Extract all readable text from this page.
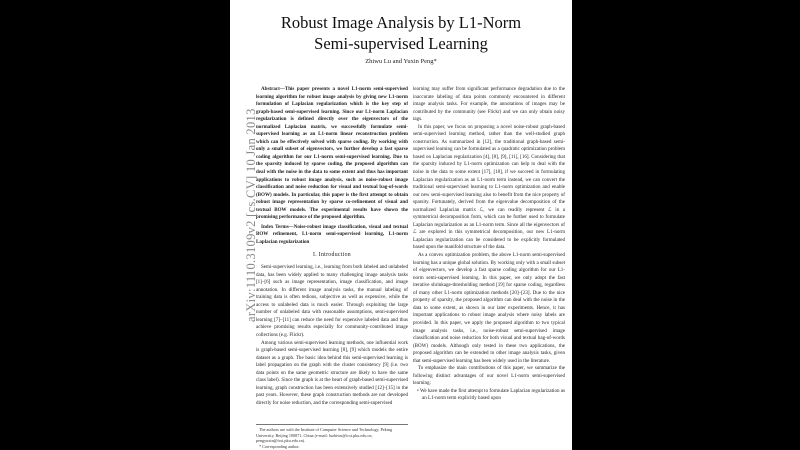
Robust Image Analysis by L1-Norm
Semi-supervised Learning
Zhiwu Lu and Yuxin Peng*

Abstract—This paper presents a novel L1-norm semi-supervised learning algorithm for robust image analysis by giving new L1-norm formulation of Laplacian regularization which is the key step of graph-based semi-supervised learning. Since our L1-norm Laplacian regularization is defined directly over the eigenvectors of the normalized Laplacian matrix, we successfully formulate semi-supervised learning as an L1-norm linear reconstruction problem which can be effectively solved with sparse coding. By working with only a small subset of eigenvectors, we further develop a fast sparse coding algorithm for our L1-norm semi-supervised learning. Due to the sparsity induced by sparse coding, the proposed algorithm can deal with the noise in the data to some extent and thus has important applications to robust image analysis, such as noise-robust image classification and noise reduction for visual and textual bag-of-words (BOW) models. In particular, this paper is the first attempt to obtain robust image representation by sparse co-refinement of visual and textual BOW models. The experimental results have shown the promising performance of the proposed algorithm.

Index Terms—Noise-robust image classification, visual and textual BOW refinement, L1-norm semi-supervised learning, L1-norm Laplacian regularization

I. Introduction

Semi-supervised learning, i.e., learning from both labeled and unlabeled data, has been widely applied to many challenging image analysis tasks [1]–[6] such as image representation, image classification, and image annotation. In different image analysis tasks, the manual labeling of training data is often tedious, subjective as well as expensive, while the access to unlabeled data is much easier. Through exploiting the large number of unlabeled data with reasonable assumptions, semi-supervised learning [7]–[11] can reduce the need for expensive labeled data and thus achieve promising results especially for community-contributed image collections (e.g. Flickr).

Among various semi-supervised learning methods, one influential work is graph-based semi-supervised learning [8], [9] which models the entire dataset as a graph. The basic idea behind this semi-supervised learning is label propagation on the graph with the cluster consistency [9] (i.e. two data points on the same geometric structure are likely to have the same class label). Since the graph is at the heart of graph-based semi-supervised learning, graph construction has been extensively studied [12]–[15] in the past years. However, these graph construction methods are not developed directly for noise reduction, and the corresponding semi-supervised

The authors are with the Institute of Computer Science and Technology, Peking University, Beijing 100871, China (e-mail: luzhiwu@icst.pku.edu.cn, pengyuxin@icst.pku.edu.cn).

* Corresponding author.

learning may suffer from significant performance degradation due to the inaccurate labeling of data points commonly encountered in different image analysis tasks. For example, the annotations of images may be contributed by the community (see Flickr) and we can only obtain noisy tags.

In this paper, we focus on proposing a novel noise-robust graph-based semi-supervised learning method, rather than the well-studied graph construction. As summarized in [12], the traditional graph-based semi-supervised learning can be formulated as a quadratic optimization problem based on Laplacian regularization [4], [8], [9], [11], [16]. Considering that the sparsity induced by L1-norm optimization can help to deal with the noise in the data to some extent [17], [18], if we succeed in formulating Laplacian regularization as an L1-norm term instead, we can convert the traditional semi-supervised learning to L1-norm optimization and enable our new semi-supervised learning also to benefit from the nice property of sparsity. Fortunately, derived from the eigenvalue decomposition of the normalized Laplacian matrix ℒ, we can readily represent ℒ in a symmetrical decomposition form, which can be further used to formulate Laplacian regularization as an L1-norm term. Since all the eigenvectors of ℒ are explored in this symmetrical decomposition, our new L1-norm Laplacian regularization can be considered to be explicitly formulated based upon the manifold structure of the data.

As a convex optimization problem, the above L1-norm semi-supervised learning has a unique global solution. By working only with a small subset of eigenvectors, we develop a fast sparse coding algorithm for our L1-norm semi-supervised learning. In this paper, we only adopt the fast iterative shrinkage-thresholding method [19] for sparse coding, regardless of many other L1-norm optimization methods [20]–[23]. Due to the nice property of sparsity, the proposed algorithm can deal with the noise in the data to some extent, as shown in our later experiments. Hence, it has important applications to robust image analysis where noisy labels are provided. In this paper, we apply the proposed algorithm to two typical image analysis tasks, i.e., noise-robust semi-supervised image classification and noise reduction for both visual and textual bag-of-words (BOW) models. Although only tested in these two applications, the proposed algorithm can be extended to other image analysis tasks, given that semi-supervised learning has been widely used in the literature.

To emphasize the main contributions of this paper, we summarize the following distinct advantages of our novel L1-norm semi-supervised learning:

• We have made the first attempt to formulate Laplacian regularization as an L1-norm term explicitly based upon

arXiv:1110.3109v2 [cs.CV] 10 Jan 2013
